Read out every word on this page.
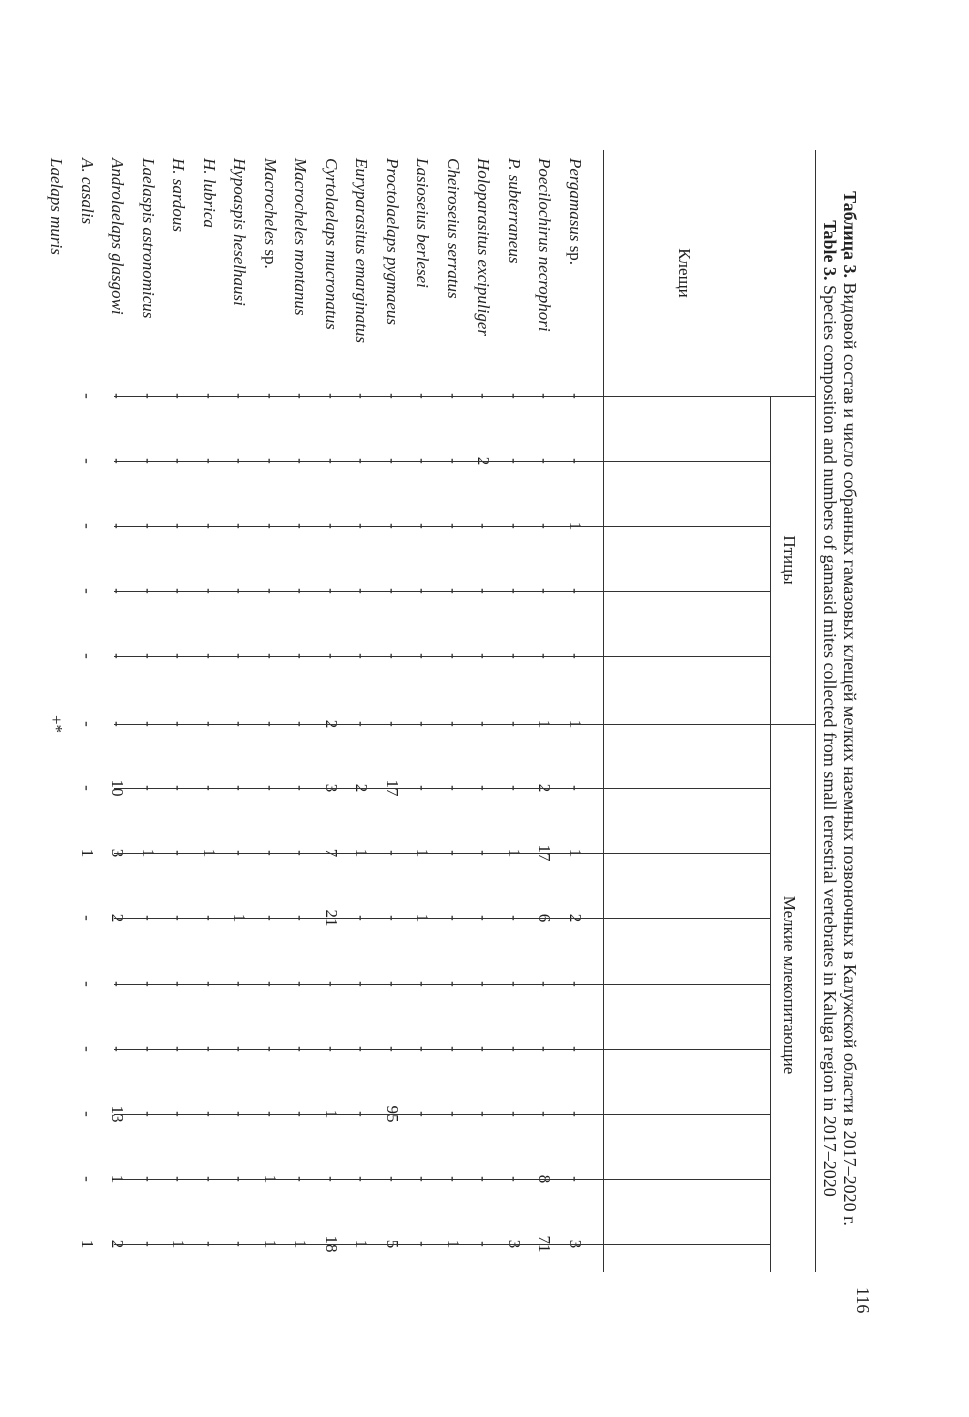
116
Таблица 3. Видовой состав и число собранных гамазовых клещей мелких наземных позвоночных в Калужской области в 2017–2020 г.
Table 3. Species composition and numbers of gamasid mites collected from small terrestrial vertebrates in Kaluga region in 2017–2020
Клещи
Птицы
Мелкие млекопитающие
Pergamasus sp.
-
-
1
-
-
1
-
1
2
-
-
-
-
3
Poecilochirus necrophori
-
-
-
-
-
1
2
17
6
-
-
-
8
71
P. subterraneus
-
-
-
-
-
-
-
1
-
-
-
-
-
3
Holoparasitus excipuliger
-
2
-
-
-
-
-
-
-
-
-
-
-
-
Cheiroseius serratus
-
-
-
-
-
-
-
-
-
-
-
-
-
1
Lasioseius berlesei
-
-
-
-
-
-
-
1
1
-
-
-
-
-
Proctolaelaps pygmaeus
-
-
-
-
-
-
17
-
-
-
-
95
-
5
Euryparasitus emarginatus
-
-
-
-
-
-
2
1
-
-
-
-
-
1
Cyrtolaelaps mucronatus
-
-
-
-
-
2
3
7
21
-
-
1
-
18
Macrocheles montanus
-
-
-
-
-
-
-
-
-
-
-
-
-
1
Macrocheles sp.
-
-
-
-
-
-
-
-
-
-
-
-
1
1
Hypoaspis heselhausi
-
-
-
-
-
-
-
-
1
-
-
-
-
-
H. lubrica
-
-
-
-
-
-
-
1
-
-
-
-
-
-
H. sardous
-
-
-
-
-
-
-
-
-
-
-
-
-
1
Laelaspis astronomicus
-
-
-
-
-
-
-
1
-
-
-
-
-
-
Androlaelaps glasgowi
-
-
-
-
-
-
10
3
2
-
-
13
1
2
A. casalis
-
-
-
-
-
-
-
1
-
-
-
-
-
1
Laelaps muris
+*
